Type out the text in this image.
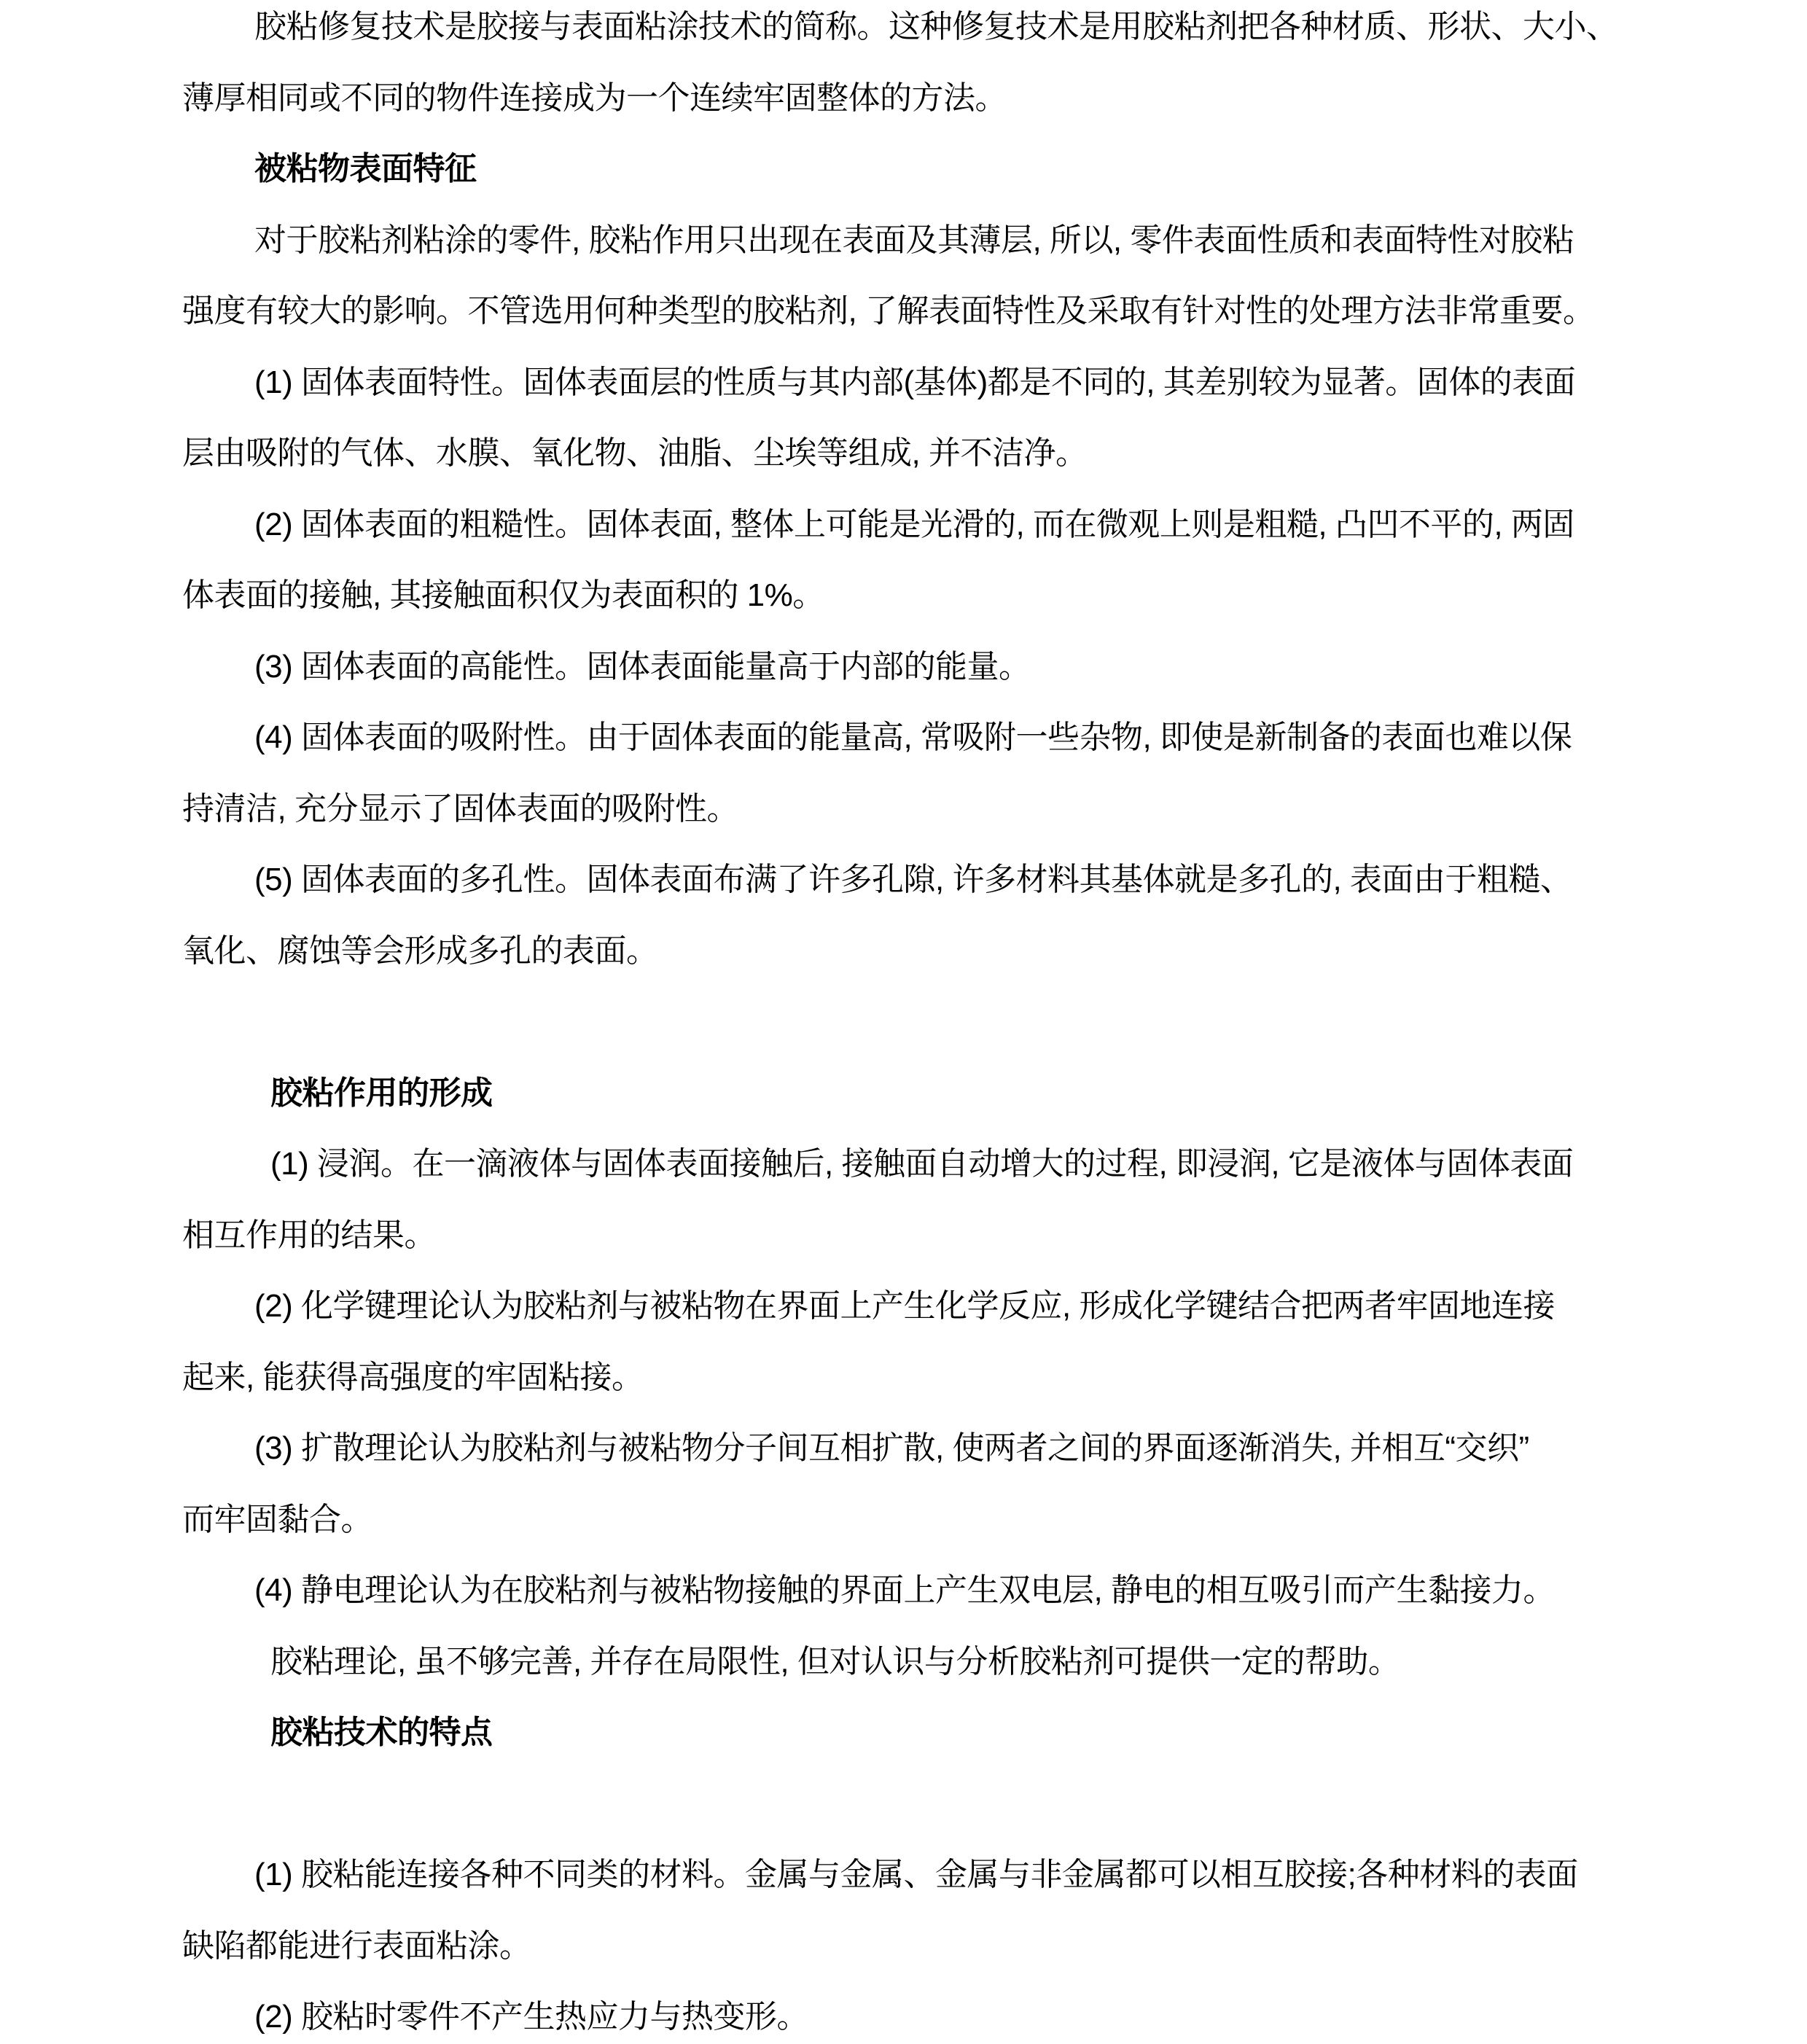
胶粘修复技术是胶接与表面粘涂技术的简称。这种修复技术是用胶粘剂把各种材质、形状、大小、
薄厚相同或不同的物件连接成为一个连续牢固整体的方法。
被粘物表面特征
对于胶粘剂粘涂的零件, 胶粘作用只出现在表面及其薄层, 所以, 零件表面性质和表面特性对胶粘
强度有较大的影响。不管选用何种类型的胶粘剂, 了解表面特性及采取有针对性的处理方法非常重要。
(1) 固体表面特性。固体表面层的性质与其内部(基体)都是不同的, 其差别较为显著。固体的表面
层由吸附的气体、水膜、氧化物、油脂、尘埃等组成, 并不洁净。
(2) 固体表面的粗糙性。固体表面, 整体上可能是光滑的, 而在微观上则是粗糙, 凸凹不平的, 两固
体表面的接触, 其接触面积仅为表面积的 1%。
(3) 固体表面的高能性。固体表面能量高于内部的能量。
(4) 固体表面的吸附性。由于固体表面的能量高, 常吸附一些杂物, 即使是新制备的表面也难以保
持清洁, 充分显示了固体表面的吸附性。
(5) 固体表面的多孔性。固体表面布满了许多孔隙, 许多材料其基体就是多孔的, 表面由于粗糙、
氧化、腐蚀等会形成多孔的表面。
胶粘作用的形成
(1) 浸润。在一滴液体与固体表面接触后, 接触面自动增大的过程, 即浸润, 它是液体与固体表面
相互作用的结果。
(2) 化学键理论认为胶粘剂与被粘物在界面上产生化学反应, 形成化学键结合把两者牢固地连接
起来, 能获得高强度的牢固粘接。
(3) 扩散理论认为胶粘剂与被粘物分子间互相扩散, 使两者之间的界面逐渐消失, 并相互“交织”
而牢固黏合。
(4) 静电理论认为在胶粘剂与被粘物接触的界面上产生双电层, 静电的相互吸引而产生黏接力。
胶粘理论, 虽不够完善, 并存在局限性, 但对认识与分析胶粘剂可提供一定的帮助。
胶粘技术的特点
(1) 胶粘能连接各种不同类的材料。金属与金属、金属与非金属都可以相互胶接;各种材料的表面
缺陷都能进行表面粘涂。
(2) 胶粘时零件不产生热应力与热变形。
